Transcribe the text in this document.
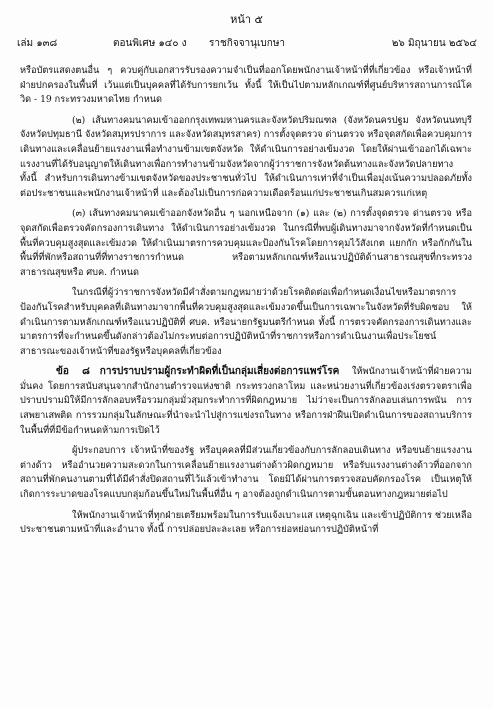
หน้า ๕
เล่ม ๑๓๘	ตอนพิเศษ ๑๔๐ ง ราชกิจจานุเบกษา	๒๖ มิถุนายน ๒๕๖๔

หรือบัตรแสดงตนอื่น ๆ ควบคู่กับเอกสารรับรองความจำเป็นที่ออกโดยพนักงานเจ้าหน้าที่ที่เกี่ยวข้อง หรือเจ้าหน้าที่ฝ่ายปกครองในพื้นที่ เว้นแต่เป็นบุคคลที่ได้รับการยกเว้น ทั้งนี้ ให้เป็นไปตามหลักเกณฑ์ที่ศูนย์บริหารสถานการณ์โควิด - 19 กระทรวงมหาดไทย กำหนด

(๒) เส้นทางคมนาคมเข้าออกกรุงเทพมหานครและจังหวัดปริมณฑล (จังหวัดนครปฐม จังหวัดนนทบุรี จังหวัดปทุมธานี จังหวัดสมุทรปราการ และจังหวัดสมุทรสาคร) การตั้งจุดตรวจ ด่านตรวจ หรือจุดสกัดเพื่อควบคุมการเดินทางและเคลื่อนย้ายแรงงานเพื่อทำงานข้ามเขตจังหวัด ให้ดำเนินการอย่างเข้มงวด โดยให้ผ่านเข้าออกได้เฉพาะแรงงานที่ได้รับอนุญาตให้เดินทางเพื่อการทำงานข้ามจังหวัดจากผู้ว่าราชการจังหวัดต้นทางและจังหวัดปลายทาง ทั้งนี้ สำหรับการเดินทางข้ามเขตจังหวัดของประชาชนทั่วไป ให้ดำเนินการเท่าที่จำเป็นเพื่อมุ่งเน้นความปลอดภัยทั้งต่อประชาชนและพนักงานเจ้าหน้าที่ และต้องไม่เป็นการก่อความเดือดร้อนแก่ประชาชนเกินสมควรแก่เหตุ

(๓) เส้นทางคมนาคมเข้าออกจังหวัดอื่น ๆ นอกเหนือจาก (๑) และ (๒) การตั้งจุดตรวจ ด่านตรวจ หรือจุดสกัดเพื่อตรวจคัดกรองการเดินทาง ให้ดำเนินการอย่างเข้มงวด ในกรณีที่พบผู้เดินทางมาจากจังหวัดที่กำหนดเป็นพื้นที่ควบคุมสูงสุดและเข้มงวด ให้ดำเนินมาตรการควบคุมและป้องกันโรคโดยการคุมไว้สังเกต แยกกัก หรือกักกันในพื้นที่ที่พักหรือสถานที่ที่ทางราชการกำหนด หรือตามหลักเกณฑ์หรือแนวปฏิบัติด้านสาธารณสุขที่กระทรวงสาธารณสุขหรือ ศบค. กำหนด

ในกรณีที่ผู้ว่าราชการจังหวัดมีคำสั่งตามกฎหมายว่าด้วยโรคติดต่อเพื่อกำหนดเงื่อนไขหรือมาตรการป้องกันโรคสำหรับบุคคลที่เดินทางมาจากพื้นที่ควบคุมสูงสุดและเข้มงวดขึ้นเป็นการเฉพาะในจังหวัดที่รับผิดชอบ ให้ดำเนินการตามหลักเกณฑ์หรือแนวปฏิบัติที่ ศบค. หรือนายกรัฐมนตรีกำหนด ทั้งนี้ การตรวจคัดกรองการเดินทางและมาตรการที่จะกำหนดขึ้นดังกล่าวต้องไม่กระทบต่อการปฏิบัติหน้าที่ราชการหรือการดำเนินงานเพื่อประโยชน์สาธารณะของเจ้าหน้าที่ของรัฐหรือบุคคลที่เกี่ยวข้อง

ข้อ ๘ การปราบปรามผู้กระทำผิดที่เป็นกลุ่มเสี่ยงต่อการแพร่โรค ให้พนักงานเจ้าหน้าที่ฝ่ายความมั่นคง โดยการสนับสนุนจากสำนักงานตำรวจแห่งชาติ กระทรวงกลาโหม และหน่วยงานที่เกี่ยวข้องเร่งตรวจตราเพื่อปราบปรามมิให้มีการลักลอบหรือรวมกลุ่มมั่วสุมกระทำการที่ผิดกฎหมาย ไม่ว่าจะเป็นการลักลอบเล่นการพนัน การเสพยาเสพติด การรวมกลุ่มในลักษณะที่นำจะนำไปสู่การแข่งรถในทาง หรือการฝ่าฝืนเปิดดำเนินการของสถานบริการในพื้นที่ที่มีข้อกำหนดห้ามการเปิดไว้

ผู้ประกอบการ เจ้าหน้าที่ของรัฐ หรือบุคคลที่มีส่วนเกี่ยวข้องกับการลักลอบเดินทาง หรือขนย้ายแรงงานต่างด้าว หรืออำนวยความสะดวกในการเคลื่อนย้ายแรงงานต่างด้าวผิดกฎหมาย หรือรับแรงงานต่างด้าวที่ออกจากสถานที่พักคนงานตามที่ได้มีคำสั่งปิดสถานที่ไว้แล้วเข้าทำงาน โดยมิได้ผ่านการตรวจสอบคัดกรองโรค เป็นเหตุให้เกิดการระบาดของโรคแบบกลุ่มก้อนขึ้นใหม่ในพื้นที่อื่น ๆ อาจต้องถูกดำเนินการตามขั้นตอนทางกฎหมายต่อไป

ให้พนักงานเจ้าหน้าที่ทุกฝ่ายเตรียมพร้อมในการรับแจ้งเบาะแส เหตุฉุกเฉิน และเข้าปฏิบัติการ ช่วยเหลือประชาชนตามหน้าที่และอำนาจ ทั้งนี้ การปล่อยปละละเลย หรือการย่อหย่อนการปฏิบัติหน้าที่
